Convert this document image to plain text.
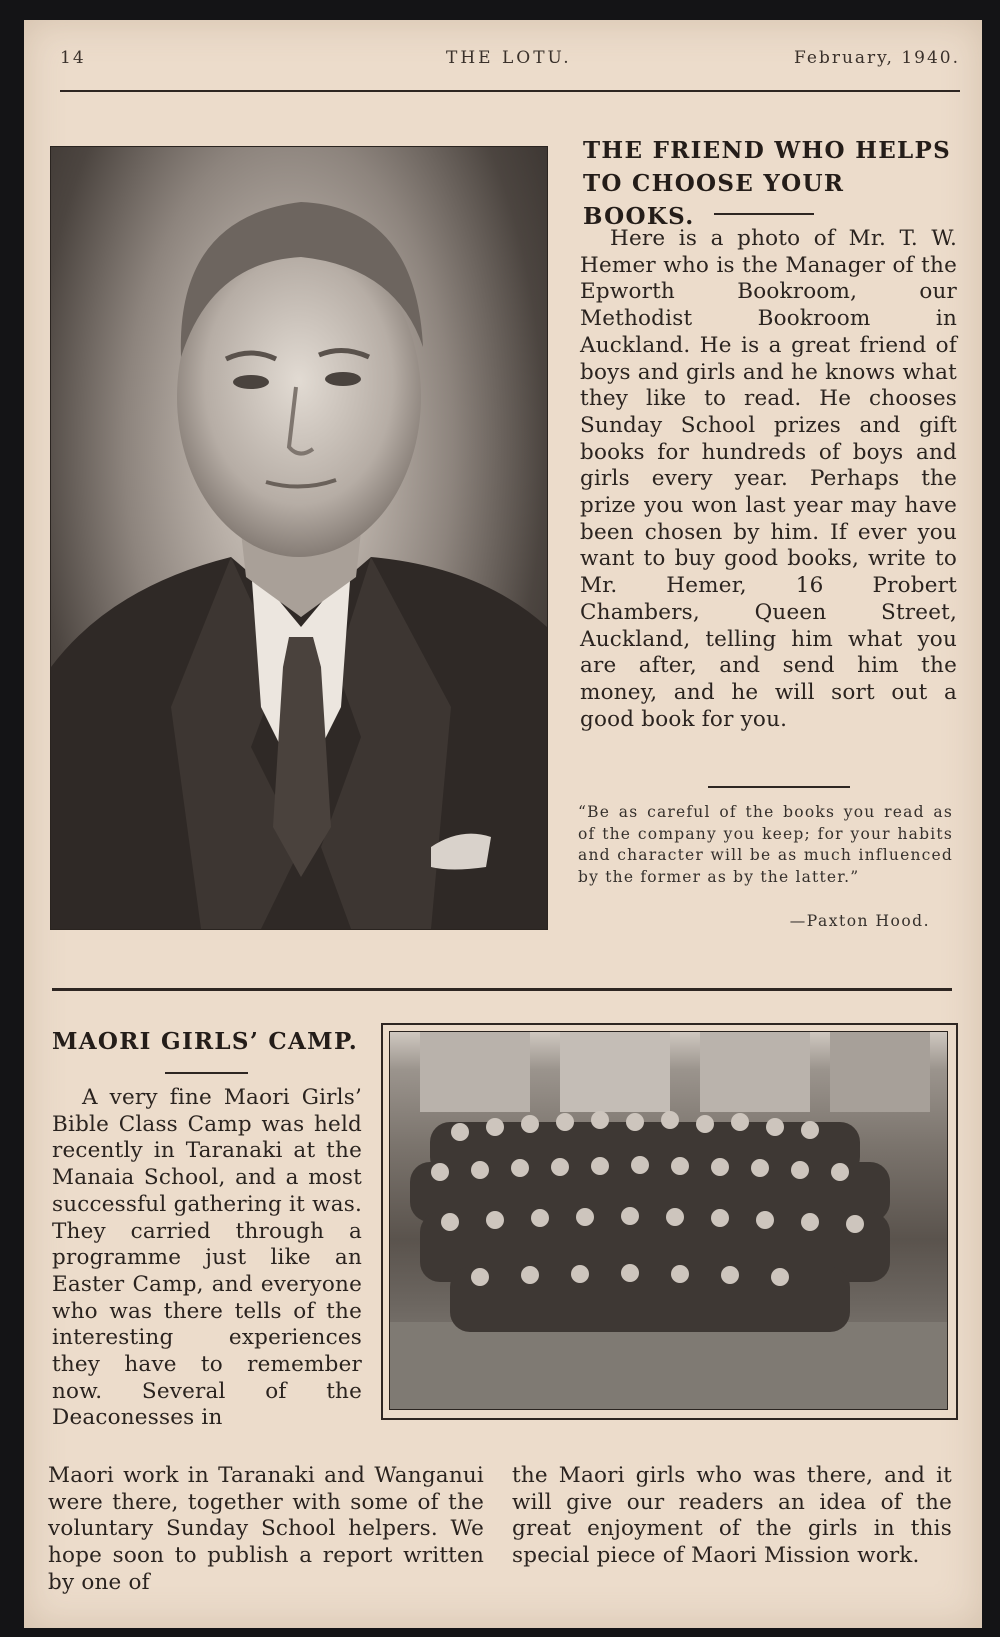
14	THE LOTU.	February, 1940.
THE FRIEND WHO HELPS TO CHOOSE YOUR BOOKS.

Here is a photo of Mr. T. W. Hemer who is the Manager of the Epworth Bookroom, our Methodist Bookroom in Auckland. He is a great friend of boys and girls and he knows what they like to read. He chooses Sunday School prizes and gift books for hundreds of boys and girls every year. Perhaps the prize you won last year may have been chosen by him. If ever you want to buy good books, write to Mr. Hemer, 16 Probert Chambers, Queen Street, Auckland, telling him what you are after, and send him the money, and he will sort out a good book for you.

“Be as careful of the books you read as of the company you keep; for your habits and character will be as much influenced by the former as by the latter.”
—Paxton Hood.
MAORI GIRLS’ CAMP.

A very fine Maori Girls’ Bible Class Camp was held recently in Taranaki at the Manaia School, and a most successful gathering it was. They carried through a programme just like an Easter Camp, and everyone who was there tells of the interesting experiences they have to remember now. Several of the Deaconesses in

Maori work in Taranaki and Wanganui were there, together with some of the voluntary Sunday School helpers. We hope soon to publish a report written by one of

the Maori girls who was there, and it will give our readers an idea of the great enjoyment of the girls in this special piece of Maori Mission work.
